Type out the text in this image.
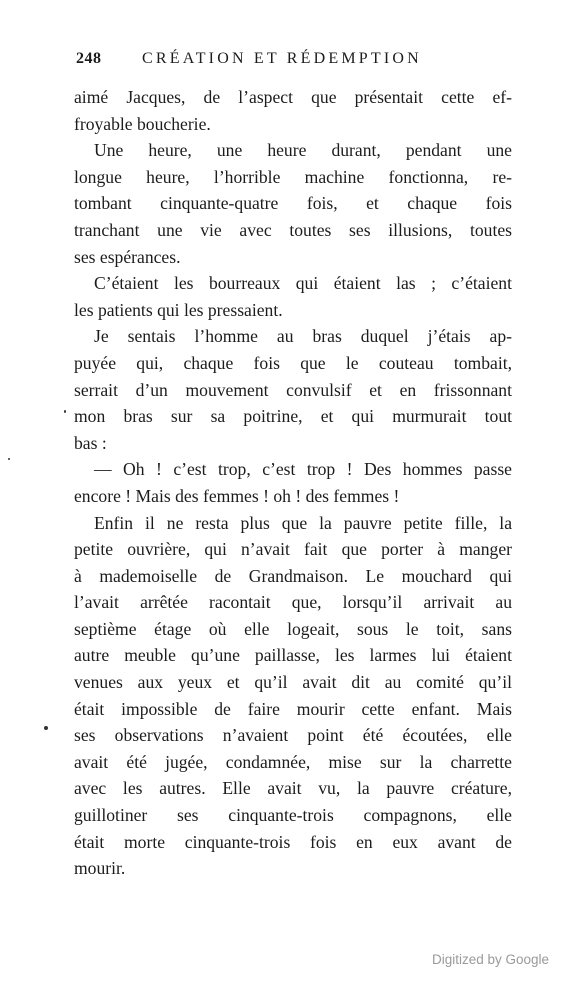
248	CRÉATION ET RÉDEMPTION
aimé Jacques, de l’aspect que présentait cette ef-
froyable boucherie.
Une heure, une heure durant, pendant une
longue heure, l’horrible machine fonctionna, re-
tombant cinquante-quatre fois, et chaque fois
tranchant une vie avec toutes ses illusions, toutes
ses espérances.
C’étaient les bourreaux qui étaient las ; c’étaient
les patients qui les pressaient.
Je sentais l’homme au bras duquel j’étais ap-
puyée qui, chaque fois que le couteau tombait,
serrait d’un mouvement convulsif et en frissonnant
mon bras sur sa poitrine, et qui murmurait tout
bas :
— Oh ! c’est trop, c’est trop ! Des hommes passe
encore ! Mais des femmes ! oh ! des femmes !
Enfin il ne resta plus que la pauvre petite fille, la
petite ouvrière, qui n’avait fait que porter à manger
à mademoiselle de Grandmaison. Le mouchard qui
l’avait arrêtée racontait que, lorsqu’il arrivait au
septième étage où elle logeait, sous le toit, sans
autre meuble qu’une paillasse, les larmes lui étaient
venues aux yeux et qu’il avait dit au comité qu’il
était impossible de faire mourir cette enfant. Mais
ses observations n’avaient point été écoutées, elle
avait été jugée, condamnée, mise sur la charrette
avec les autres. Elle avait vu, la pauvre créature,
guillotiner ses cinquante-trois compagnons, elle
était morte cinquante-trois fois en eux avant de
mourir.
Digitized by Google
